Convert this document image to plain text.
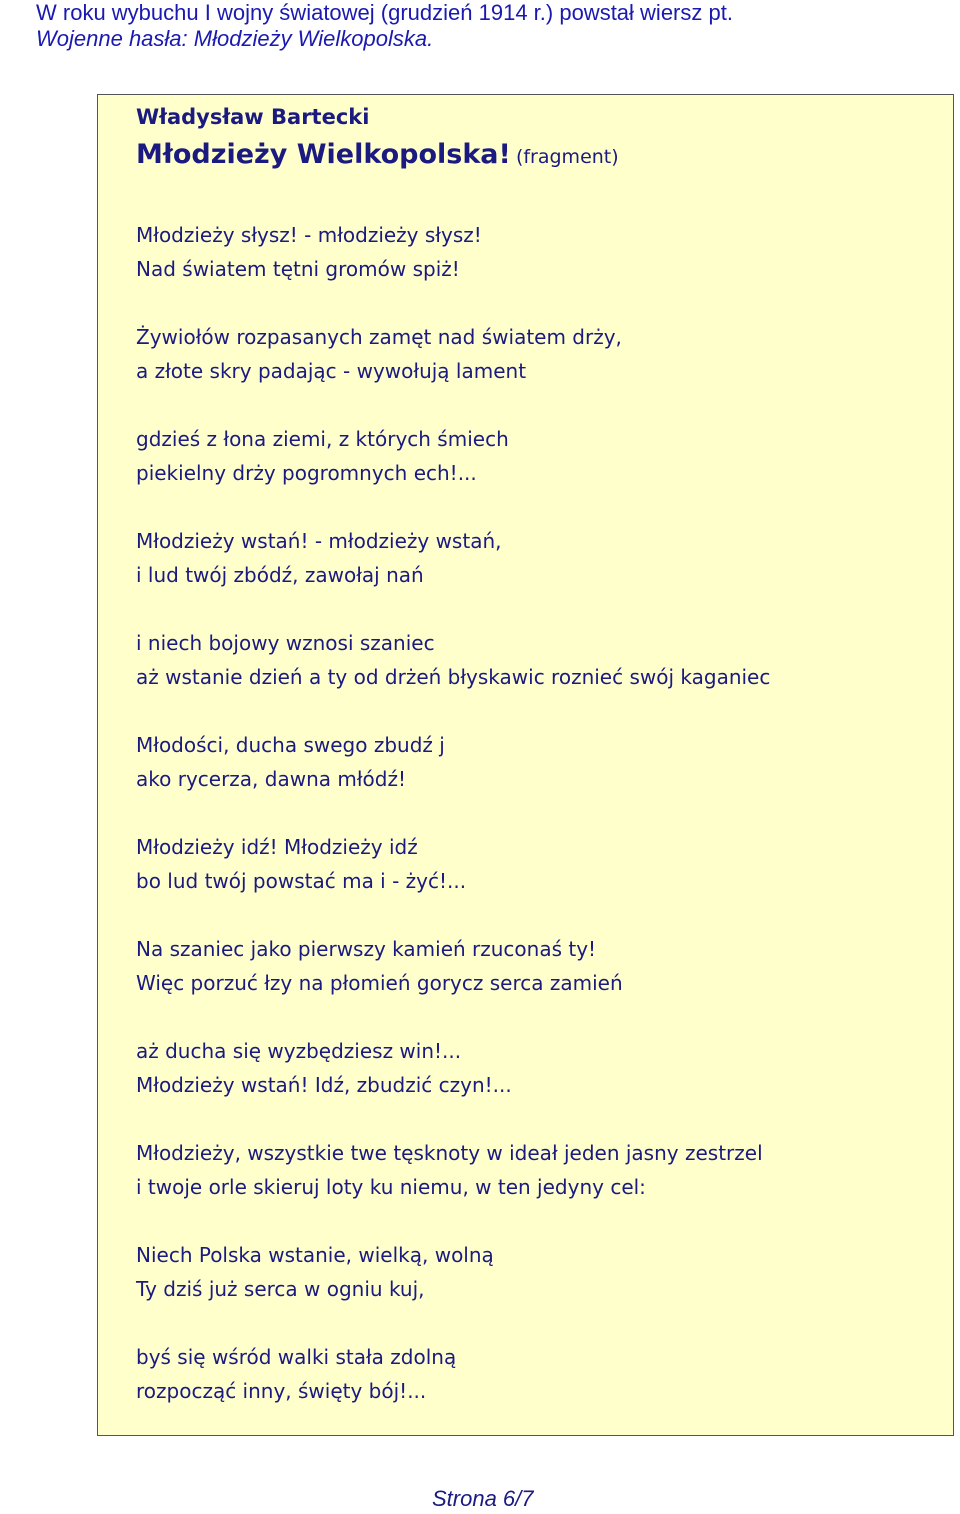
W roku wybuchu I wojny światowej (grudzień 1914 r.) powstał wiersz pt.
Wojenne hasła: Młodzieży Wielkopolska.
Władysław Bartecki
Młodzieży Wielkopolska! (fragment)
Młodzieży słysz! - młodzieży słysz!
Nad światem tętni gromów spiż!
Żywiołów rozpasanych zamęt nad światem drży,
a złote skry padając - wywołują lament
gdzieś z łona ziemi, z których śmiech
piekielny drży pogromnych ech!...
Młodzieży wstań! - młodzieży wstań,
i lud twój zbódź, zawołaj nań
i niech bojowy wznosi szaniec
aż wstanie dzień a ty od drżeń błyskawic roznieć swój kaganiec
Młodości, ducha swego zbudź j
ako rycerza, dawna młódź!
Młodzieży idź! Młodzieży idź
bo lud twój powstać ma i - żyć!...
Na szaniec jako pierwszy kamień rzuconaś ty!
Więc porzuć łzy na płomień gorycz serca zamień
aż ducha się wyzbędziesz win!...
Młodzieży wstań! Idź, zbudzić czyn!...
Młodzieży, wszystkie twe tęsknoty w ideał jeden jasny zestrzel
i twoje orle skieruj loty ku niemu, w ten jedyny cel:
Niech Polska wstanie, wielką, wolną
Ty dziś już serca w ogniu kuj,
byś się wśród walki stała zdolną
rozpocząć inny, święty bój!...
Strona 6/7
